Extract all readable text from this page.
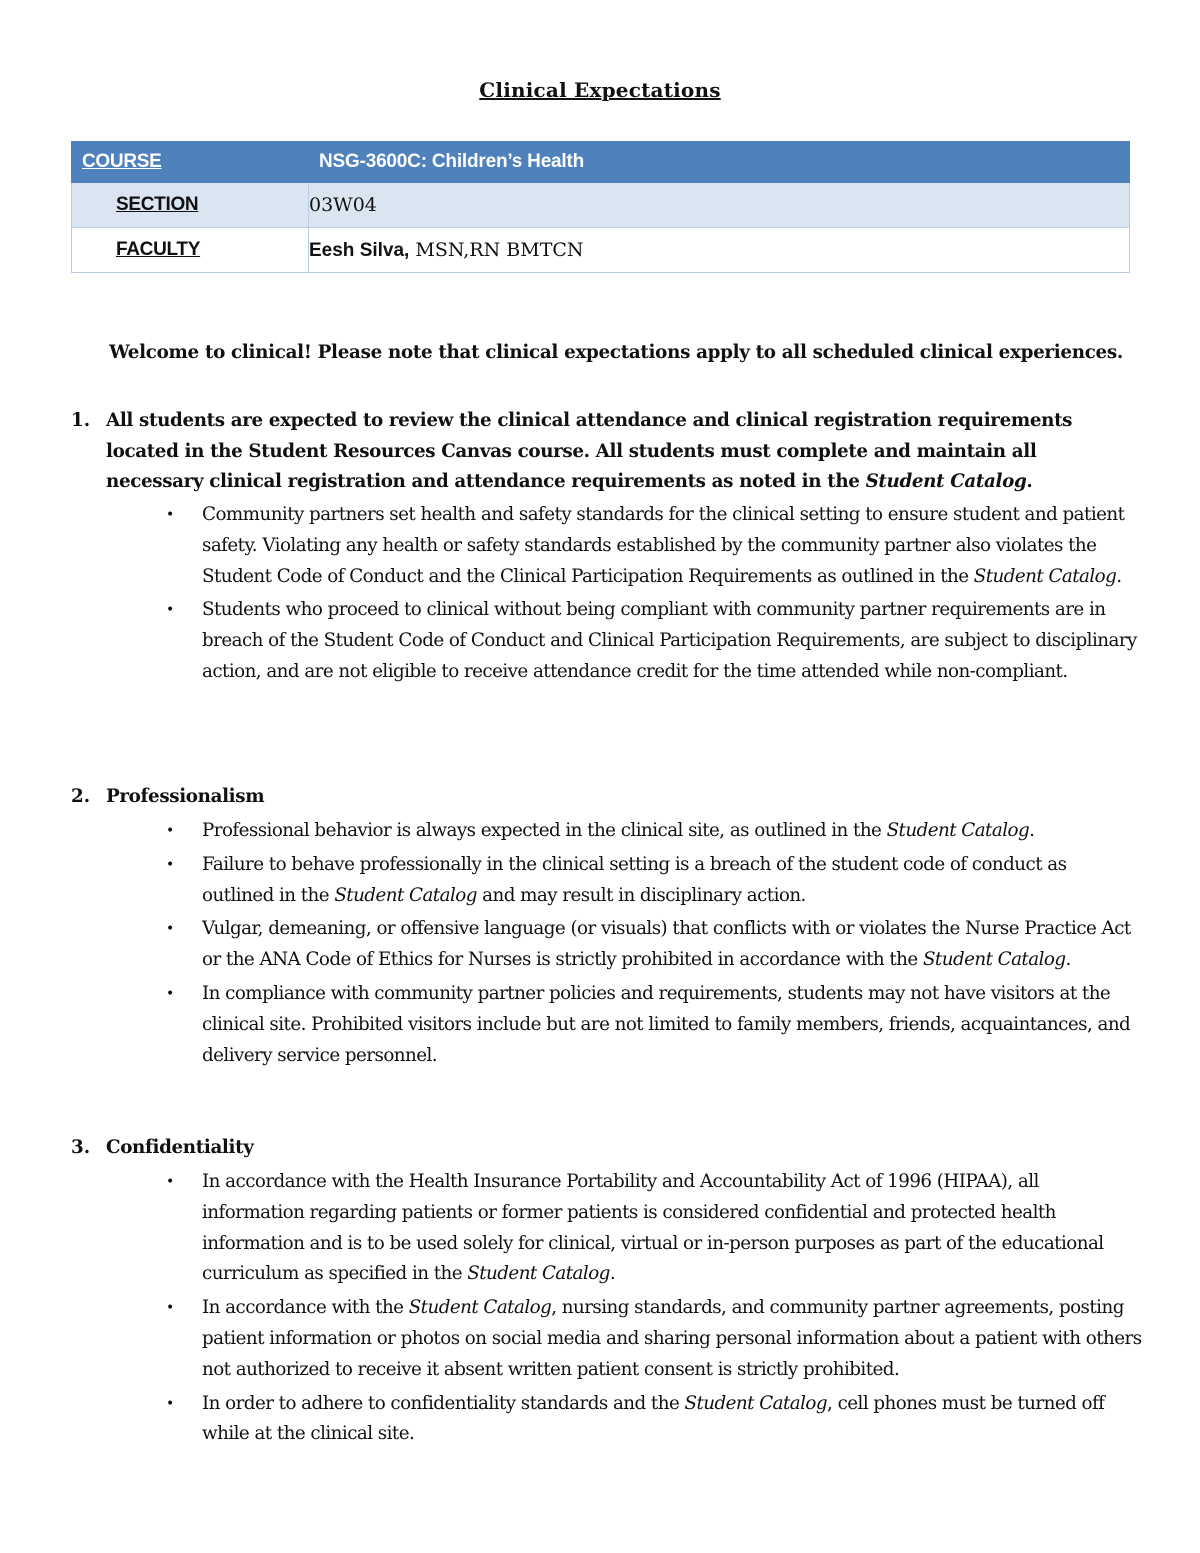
Clinical Expectations
COURSE	NSG-3600C: Children’s Health
SECTION	03W04
FACULTY	Eesh Silva, MSN,RN BMTCN
Welcome to clinical! Please note that clinical expectations apply to all scheduled clinical experiences.
1. All students are expected to review the clinical attendance and clinical registration requirements located in the Student Resources Canvas course. All students must complete and maintain all necessary clinical registration and attendance requirements as noted in the Student Catalog.
• Community partners set health and safety standards for the clinical setting to ensure student and patient safety. Violating any health or safety standards established by the community partner also violates the Student Code of Conduct and the Clinical Participation Requirements as outlined in the Student Catalog.
• Students who proceed to clinical without being compliant with community partner requirements are in breach of the Student Code of Conduct and Clinical Participation Requirements, are subject to disciplinary action, and are not eligible to receive attendance credit for the time attended while non-compliant.
2. Professionalism
• Professional behavior is always expected in the clinical site, as outlined in the Student Catalog.
• Failure to behave professionally in the clinical setting is a breach of the student code of conduct as outlined in the Student Catalog and may result in disciplinary action.
• Vulgar, demeaning, or offensive language (or visuals) that conflicts with or violates the Nurse Practice Act or the ANA Code of Ethics for Nurses is strictly prohibited in accordance with the Student Catalog.
• In compliance with community partner policies and requirements, students may not have visitors at the clinical site. Prohibited visitors include but are not limited to family members, friends, acquaintances, and delivery service personnel.
3. Confidentiality
• In accordance with the Health Insurance Portability and Accountability Act of 1996 (HIPAA), all information regarding patients or former patients is considered confidential and protected health information and is to be used solely for clinical, virtual or in-person purposes as part of the educational curriculum as specified in the Student Catalog.
• In accordance with the Student Catalog, nursing standards, and community partner agreements, posting patient information or photos on social media and sharing personal information about a patient with others not authorized to receive it absent written patient consent is strictly prohibited.
• In order to adhere to confidentiality standards and the Student Catalog, cell phones must be turned off while at the clinical site.
